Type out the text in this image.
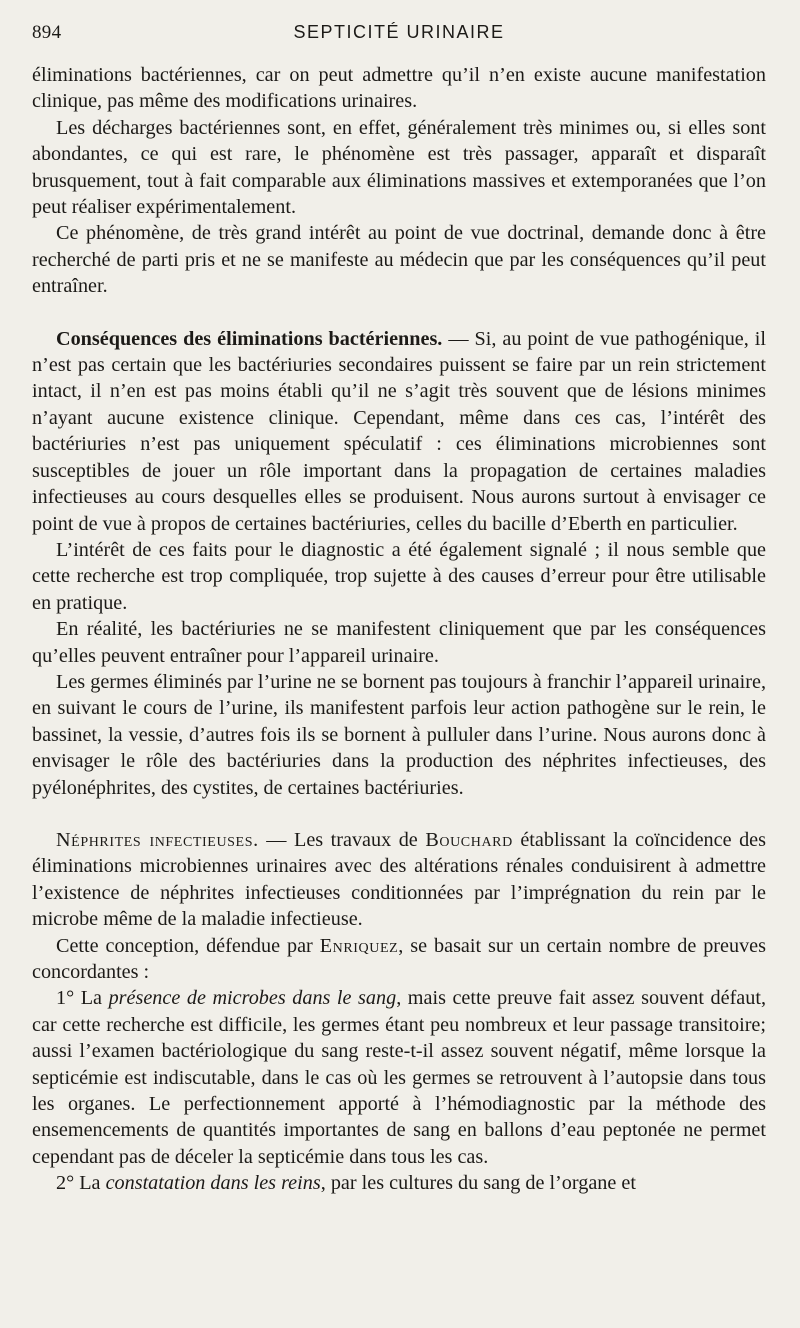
894	SEPTICITÉ URINAIRE

éliminations bactériennes, car on peut admettre qu’il n’en existe aucune manifestation clinique, pas même des modifications urinaires.

Les décharges bactériennes sont, en effet, généralement très minimes ou, si elles sont abondantes, ce qui est rare, le phénomène est très passager, apparaît et disparaît brusquement, tout à fait comparable aux éliminations massives et extemporanées que l’on peut réaliser expérimentalement.

Ce phénomène, de très grand intérêt au point de vue doctrinal, demande donc à être recherché de parti pris et ne se manifeste au médecin que par les conséquences qu’il peut entraîner.

Conséquences des éliminations bactériennes. — Si, au point de vue pathogénique, il n’est pas certain que les bactériuries secondaires puissent se faire par un rein strictement intact, il n’en est pas moins établi qu’il ne s’agit très souvent que de lésions minimes n’ayant aucune existence clinique. Cependant, même dans ces cas, l’intérêt des bactériuries n’est pas uniquement spéculatif : ces éliminations microbiennes sont susceptibles de jouer un rôle important dans la propagation de certaines maladies infectieuses au cours desquelles elles se produisent. Nous aurons surtout à envisager ce point de vue à propos de certaines bactériuries, celles du bacille d’Eberth en particulier.

L’intérêt de ces faits pour le diagnostic a été également signalé ; il nous semble que cette recherche est trop compliquée, trop sujette à des causes d’erreur pour être utilisable en pratique.

En réalité, les bactériuries ne se manifestent cliniquement que par les conséquences qu’elles peuvent entraîner pour l’appareil urinaire.

Les germes éliminés par l’urine ne se bornent pas toujours à franchir l’appareil urinaire, en suivant le cours de l’urine, ils manifestent parfois leur action pathogène sur le rein, le bassinet, la vessie, d’autres fois ils se bornent à pulluler dans l’urine. Nous aurons donc à envisager le rôle des bactériuries dans la production des néphrites infectieuses, des pyélonéphrites, des cystites, de certaines bactériuries.

Néphrites infectieuses. — Les travaux de Bouchard établissant la coïncidence des éliminations microbiennes urinaires avec des altérations rénales conduisirent à admettre l’existence de néphrites infectieuses conditionnées par l’imprégnation du rein par le microbe même de la maladie infectieuse.

Cette conception, défendue par Enriquez, se basait sur un certain nombre de preuves concordantes :

1° La présence de microbes dans le sang, mais cette preuve fait assez souvent défaut, car cette recherche est difficile, les germes étant peu nombreux et leur passage transitoire; aussi l’examen bactériologique du sang reste-t-il assez souvent négatif, même lorsque la septicémie est indiscutable, dans le cas où les germes se retrouvent à l’autopsie dans tous les organes. Le perfectionnement apporté à l’hémodiagnostic par la méthode des ensemencements de quantités importantes de sang en ballons d’eau peptonée ne permet cependant pas de déceler la septicémie dans tous les cas.

2° La constatation dans les reins, par les cultures du sang de l’organe et
